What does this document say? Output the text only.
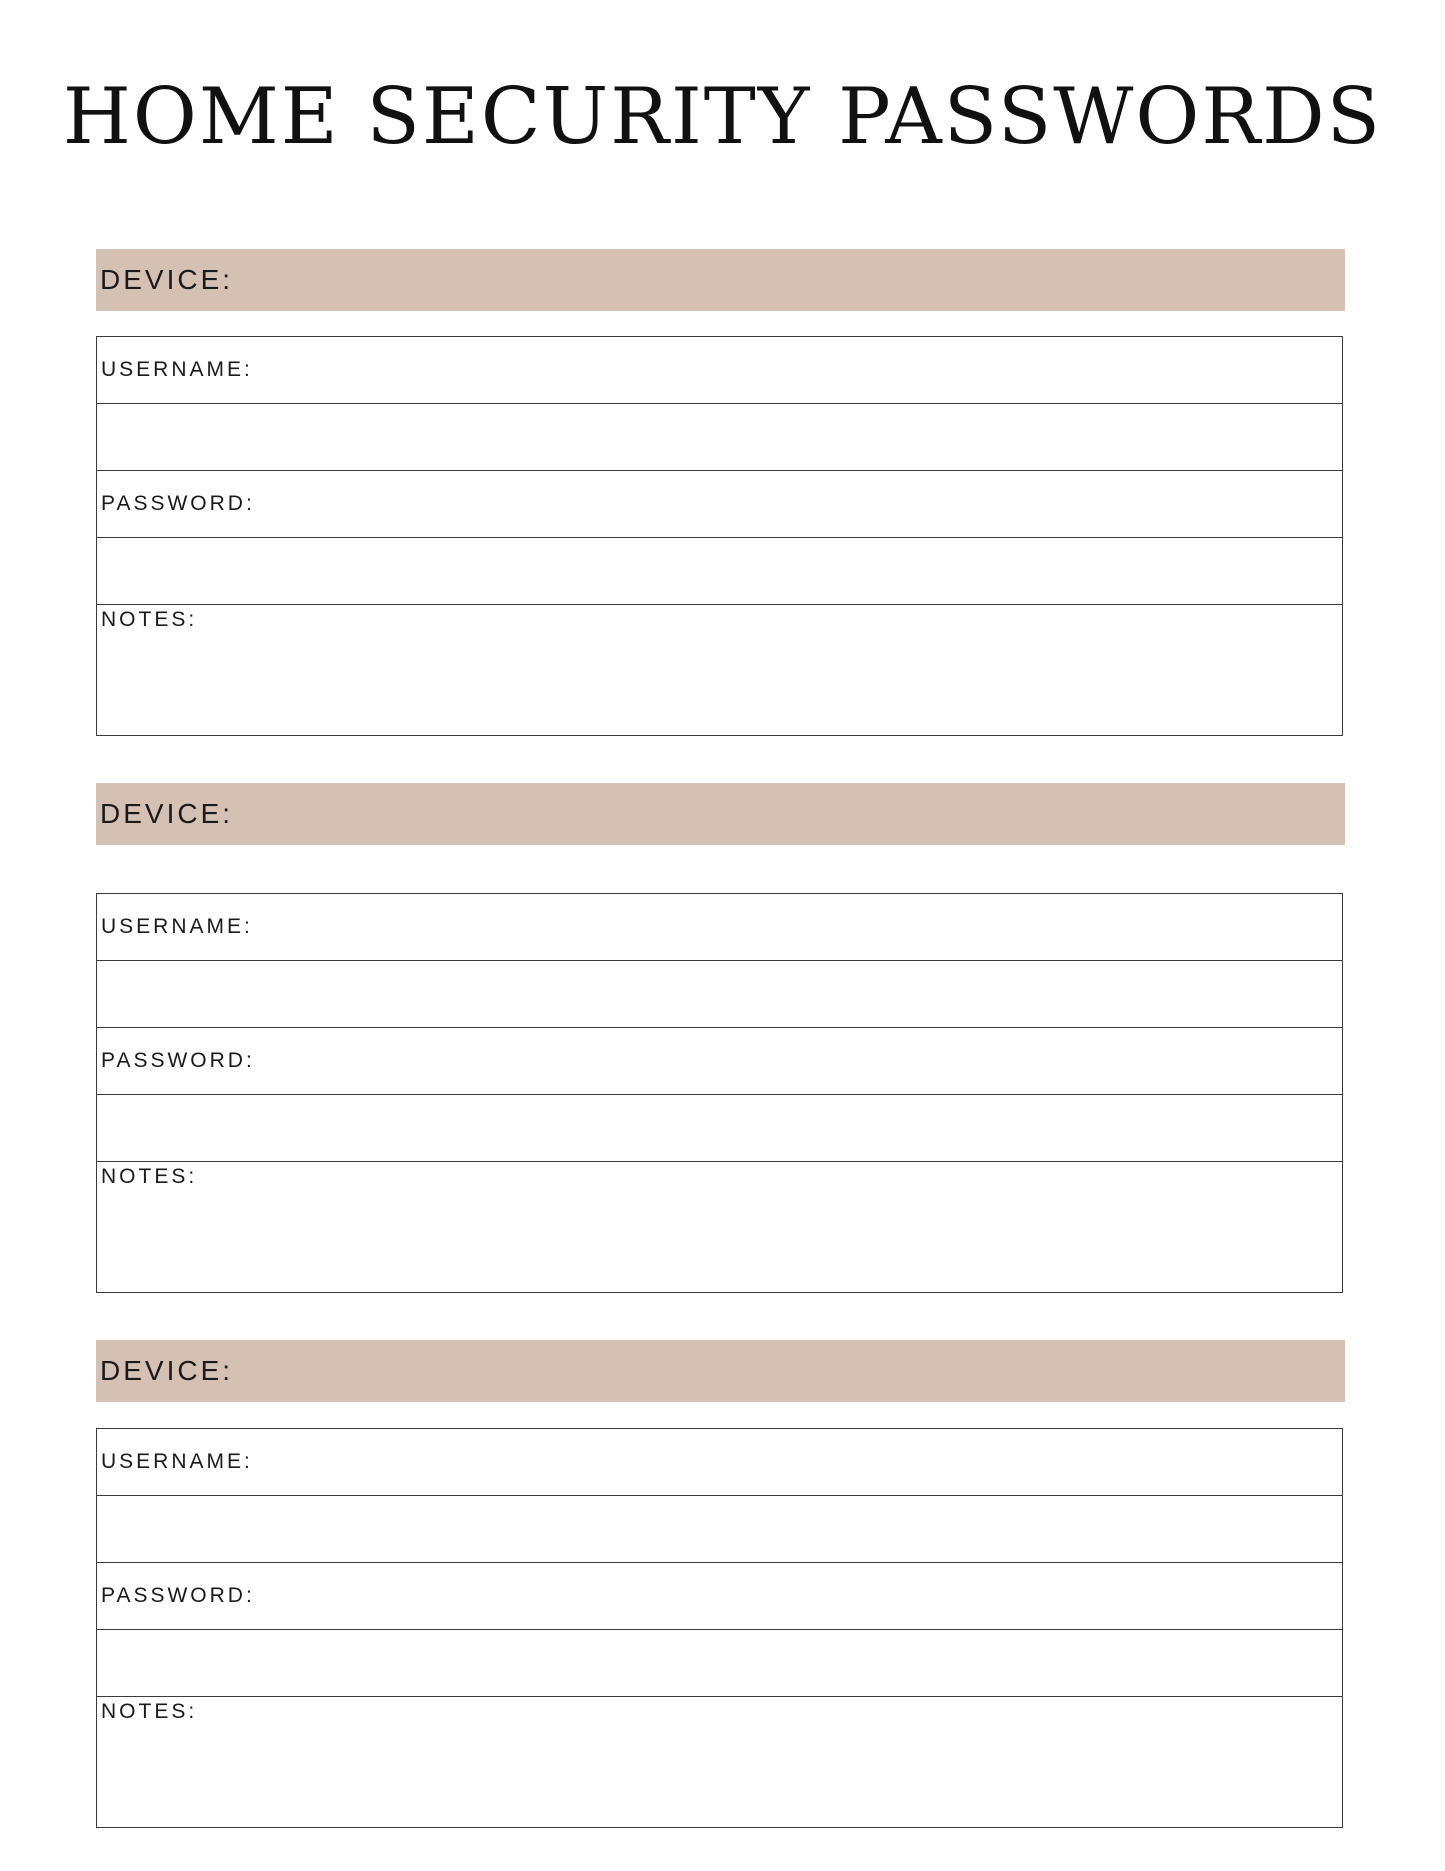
HOME SECURITY PASSWORDS
DEVICE:
USERNAME:
PASSWORD:
NOTES:
DEVICE:
USERNAME:
PASSWORD:
NOTES:
DEVICE:
USERNAME:
PASSWORD:
NOTES:
